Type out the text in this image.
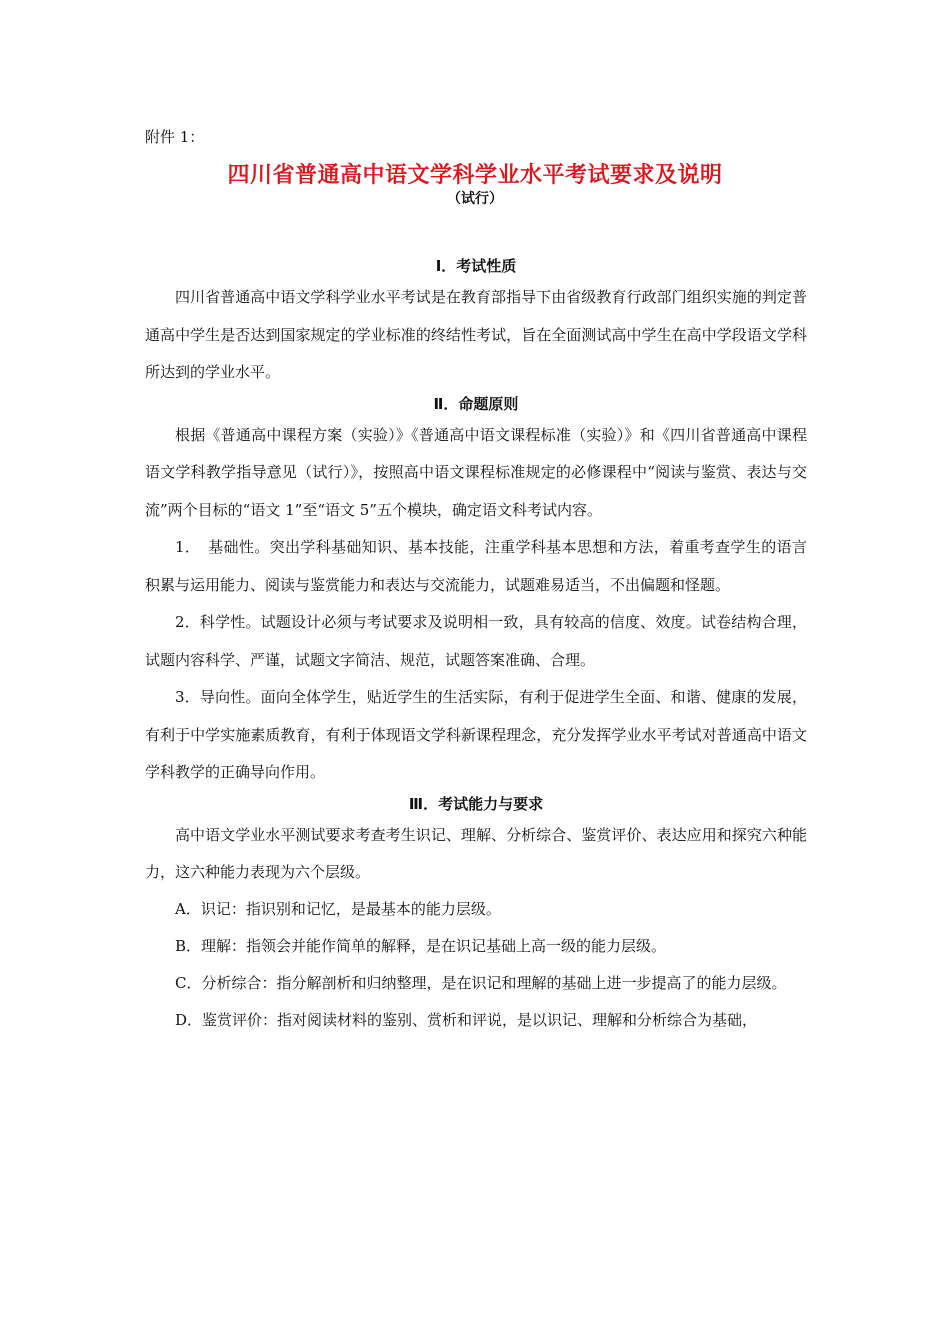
附件 1：
四川省普通高中语文学科学业水平考试要求及说明
（试行）
Ⅰ．考试性质

四川省普通高中语文学科学业水平考试是在教育部指导下由省级教育行政部门组织实施的判定普通高中学生是否达到国家规定的学业标准的终结性考试，旨在全面测试高中学生在高中学段语文学科所达到的学业水平。

Ⅱ．命题原则

根据《普通高中课程方案（实验）》《普通高中语文课程标准（实验）》和《四川省普通高中课程语文学科教学指导意见（试行）》，按照高中语文课程标准规定的必修课程中“阅读与鉴赏、表达与交流”两个目标的“语文 1”至“语文 5”五个模块，确定语文科考试内容。

1．　基础性。突出学科基础知识、基本技能，注重学科基本思想和方法，着重考查学生的语言积累与运用能力、阅读与鉴赏能力和表达与交流能力，试题难易适当，不出偏题和怪题。

2．科学性。试题设计必须与考试要求及说明相一致，具有较高的信度、效度。试卷结构合理，试题内容科学、严谨，试题文字简洁、规范，试题答案准确、合理。

3．导向性。面向全体学生，贴近学生的生活实际，有利于促进学生全面、和谐、健康的发展，有利于中学实施素质教育，有利于体现语文学科新课程理念，充分发挥学业水平考试对普通高中语文学科教学的正确导向作用。

Ⅲ．考试能力与要求

高中语文学业水平测试要求考查考生识记、理解、分析综合、鉴赏评价、表达应用和探究六种能力，这六种能力表现为六个层级。

A．识记：指识别和记忆，是最基本的能力层级。

B．理解：指领会并能作简单的解释，是在识记基础上高一级的能力层级。

C．分析综合：指分解剖析和归纳整理，是在识记和理解的基础上进一步提高了的能力层级。

D．鉴赏评价：指对阅读材料的鉴别、赏析和评说，是以识记、理解和分析综合为基础，
